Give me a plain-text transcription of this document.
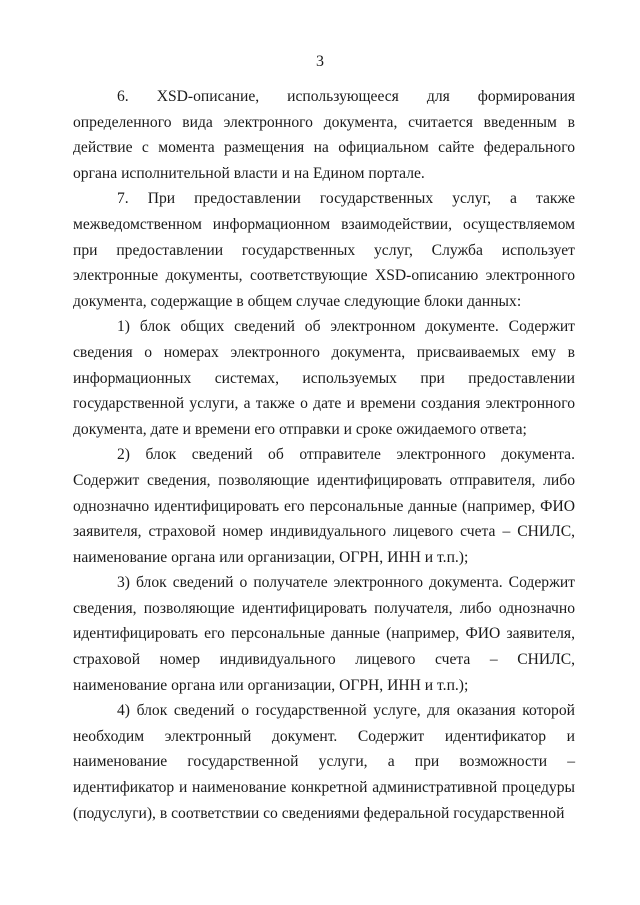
3

6. XSD-описание, использующееся для формирования определенного вида электронного документа, считается введенным в действие с момента размещения на официальном сайте федерального органа исполнительной власти и на Едином портале.

7. При предоставлении государственных услуг, а также межведомственном информационном взаимодействии, осуществляемом при предоставлении государственных услуг, Служба использует электронные документы, соответствующие XSD-описанию электронного документа, содержащие в общем случае следующие блоки данных:

1) блок общих сведений об электронном документе. Содержит сведения о номерах электронного документа, присваиваемых ему в информационных системах, используемых при предоставлении государственной услуги, а также о дате и времени создания электронного документа, дате и времени его отправки и сроке ожидаемого ответа;

2) блок сведений об отправителе электронного документа. Содержит сведения, позволяющие идентифицировать отправителя, либо однозначно идентифицировать его персональные данные (например, ФИО заявителя, страховой номер индивидуального лицевого счета – СНИЛС, наименование органа или организации, ОГРН, ИНН и т.п.);

3) блок сведений о получателе электронного документа. Содержит сведения, позволяющие идентифицировать получателя, либо однозначно идентифицировать его персональные данные (например, ФИО заявителя, страховой номер индивидуального лицевого счета – СНИЛС, наименование органа или организации, ОГРН, ИНН и т.п.);

4) блок сведений о государственной услуге, для оказания которой необходим электронный документ. Содержит идентификатор и наименование государственной услуги, а при возможности – идентификатор и наименование конкретной административной процедуры (подуслуги), в соответствии со сведениями федеральной государственной
